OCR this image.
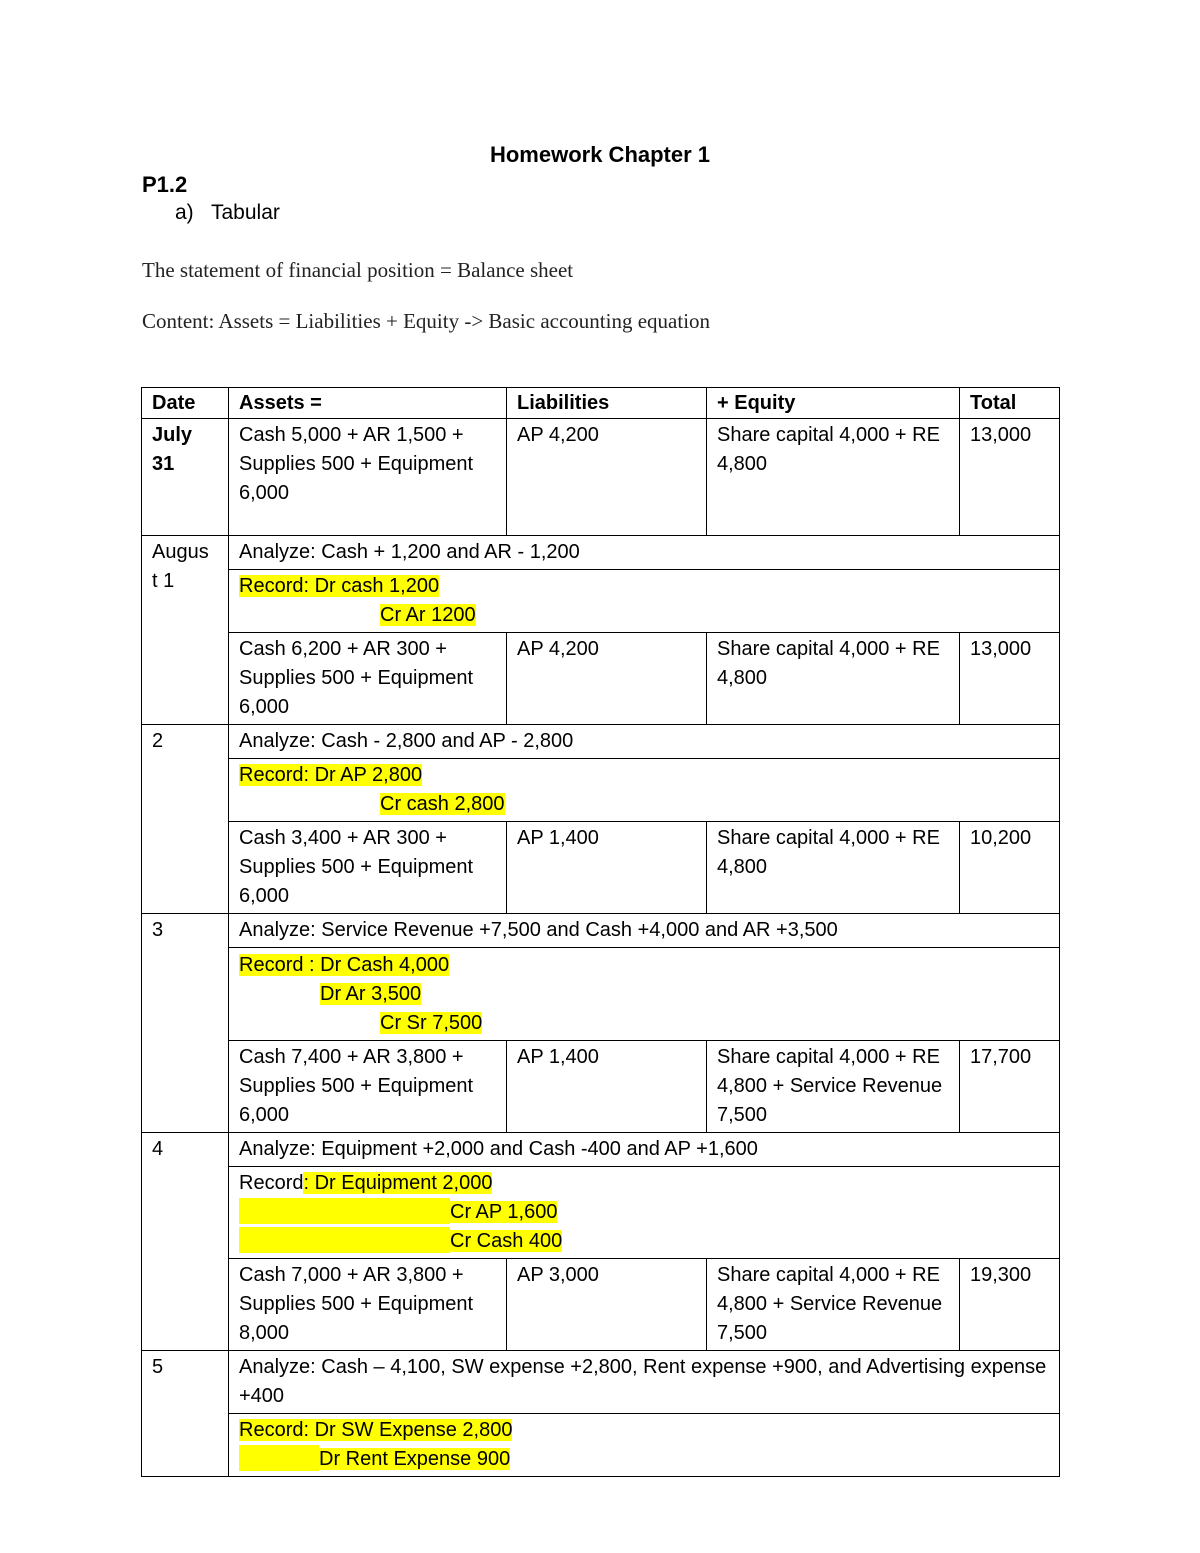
Homework Chapter 1
P1.2
a) Tabular
The statement of financial position = Balance sheet
Content: Assets = Liabilities + Equity -> Basic accounting equation
Date	Assets =	Liabilities	+ Equity	Total
July 31	Cash 5,000 + AR 1,500 + Supplies 500 + Equipment 6,000	AP 4,200	Share capital 4,000 + RE 4,800	13,000
Augus t 1	Analyze: Cash + 1,200 and AR - 1,200			

	Record: Dr cash 1,200
Cr Ar 1200			

	Cash 6,200 + AR 300 + Supplies 500 + Equipment 6,000	AP 4,200	Share capital 4,000 + RE 4,800	13,000
2	Analyze: Cash - 2,800 and AP - 2,800			

	Record: Dr AP 2,800
Cr cash 2,800			

	Cash 3,400 + AR 300 + Supplies 500 + Equipment 6,000	AP 1,400	Share capital 4,000 + RE 4,800	10,200
3	Analyze: Service Revenue +7,500 and Cash +4,000 and AR +3,500			

	Record : Dr Cash 4,000
Dr Ar 3,500
Cr Sr 7,500			

	Cash 7,400 + AR 3,800 + Supplies 500 + Equipment 6,000	AP 1,400	Share capital 4,000 + RE 4,800 + Service Revenue 7,500	17,700
4	Analyze: Equipment +2,000 and Cash -400 and AP +1,600			

	Record: Dr Equipment 2,000
Cr AP 1,600
Cr Cash 400			

	Cash 7,000 + AR 3,800 + Supplies 500 + Equipment 8,000	AP 3,000	Share capital 4,000 + RE 4,800 + Service Revenue 7,500	19,300
5	Analyze: Cash – 4,100, SW expense +2,800, Rent expense +900, and Advertising expense +400			

	Record: Dr SW Expense 2,800
Dr Rent Expense 900			
